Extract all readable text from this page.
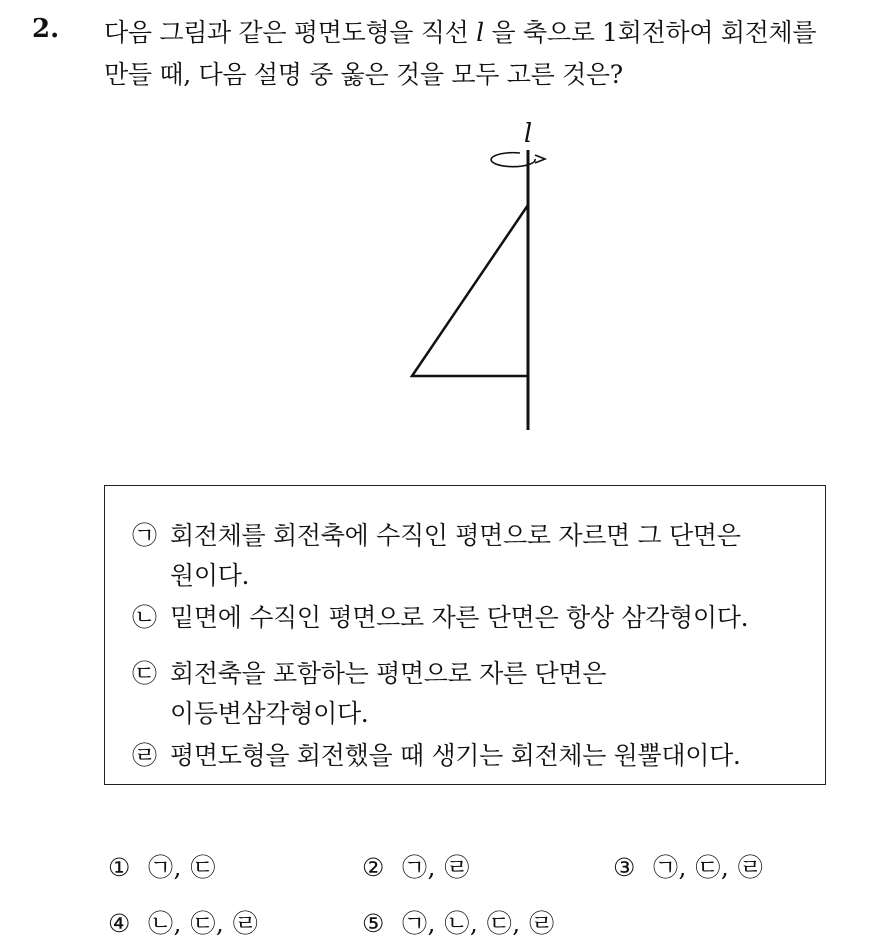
2. 다음 그림과 같은 평면도형을 직선 l 을 축으로 1회전하여 회전체를
만들 때, 다음 설명 중 옳은 것을 모두 고른 것은?
l
㉠ 회전체를 회전축에 수직인 평면으로 자르면 그 단면은
원이다.
㉡ 밑면에 수직인 평면으로 자른 단면은 항상 삼각형이다.
㉢ 회전축을 포함하는 평면으로 자른 단면은
이등변삼각형이다.
㉣ 평면도형을 회전했을 때 생기는 회전체는 원뿔대이다.
① ㉠, ㉢	② ㉠, ㉣	③ ㉠, ㉢, ㉣
④ ㉡, ㉢, ㉣	⑤ ㉠, ㉡, ㉢, ㉣
